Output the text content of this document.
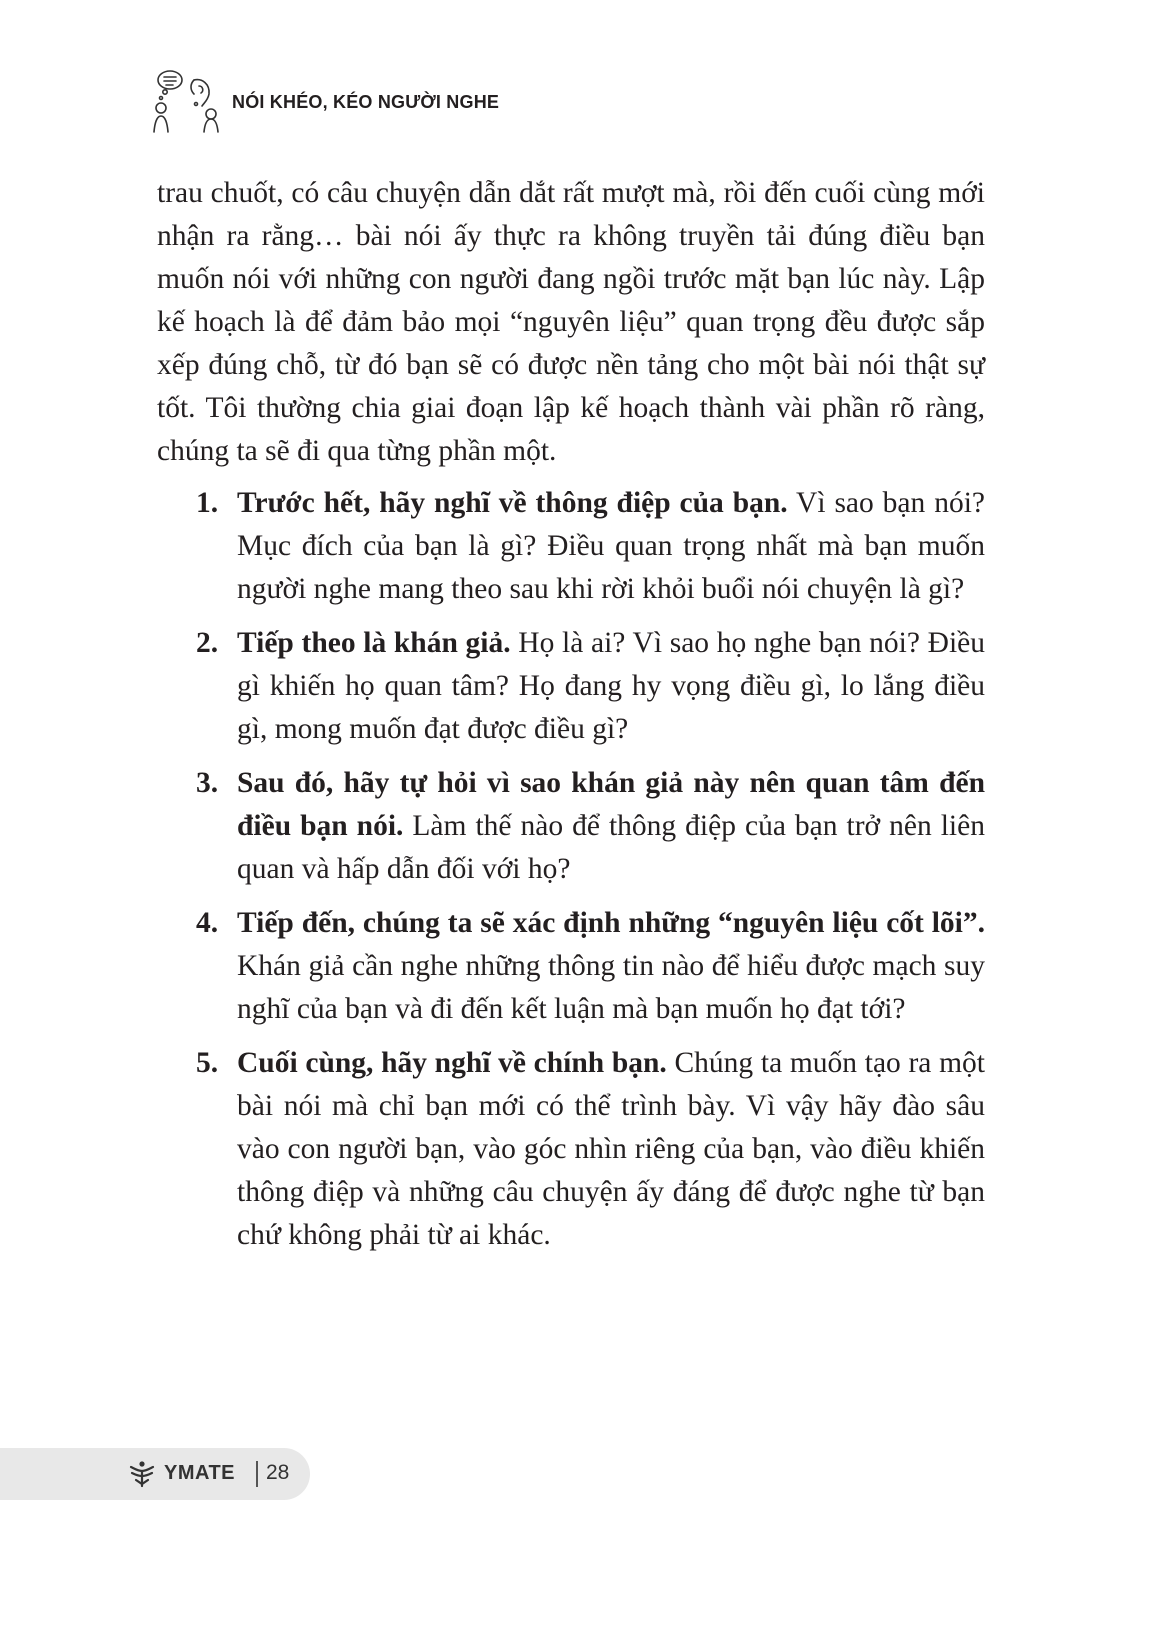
NÓI KHÉO, KÉO NGƯỜI NGHE

trau chuốt, có câu chuyện dẫn dắt rất mượt mà, rồi đến cuối cùng mới nhận ra rằng… bài nói ấy thực ra không truyền tải đúng điều bạn muốn nói với những con người đang ngồi trước mặt bạn lúc này. Lập kế hoạch là để đảm bảo mọi “nguyên liệu” quan trọng đều được sắp xếp đúng chỗ, từ đó bạn sẽ có được nền tảng cho một bài nói thật sự tốt. Tôi thường chia giai đoạn lập kế hoạch thành vài phần rõ ràng, chúng ta sẽ đi qua từng phần một.

1. Trước hết, hãy nghĩ về thông điệp của bạn. Vì sao bạn nói? Mục đích của bạn là gì? Điều quan trọng nhất mà bạn muốn người nghe mang theo sau khi rời khỏi buổi nói chuyện là gì?
2. Tiếp theo là khán giả. Họ là ai? Vì sao họ nghe bạn nói? Điều gì khiến họ quan tâm? Họ đang hy vọng điều gì, lo lắng điều gì, mong muốn đạt được điều gì?
3. Sau đó, hãy tự hỏi vì sao khán giả này nên quan tâm đến điều bạn nói. Làm thế nào để thông điệp của bạn trở nên liên quan và hấp dẫn đối với họ?
4. Tiếp đến, chúng ta sẽ xác định những “nguyên liệu cốt lõi”. Khán giả cần nghe những thông tin nào để hiểu được mạch suy nghĩ của bạn và đi đến kết luận mà bạn muốn họ đạt tới?
5. Cuối cùng, hãy nghĩ về chính bạn. Chúng ta muốn tạo ra một bài nói mà chỉ bạn mới có thể trình bày. Vì vậy hãy đào sâu vào con người bạn, vào góc nhìn riêng của bạn, vào điều khiến thông điệp và những câu chuyện ấy đáng để được nghe từ bạn chứ không phải từ ai khác.
YMATE 28
